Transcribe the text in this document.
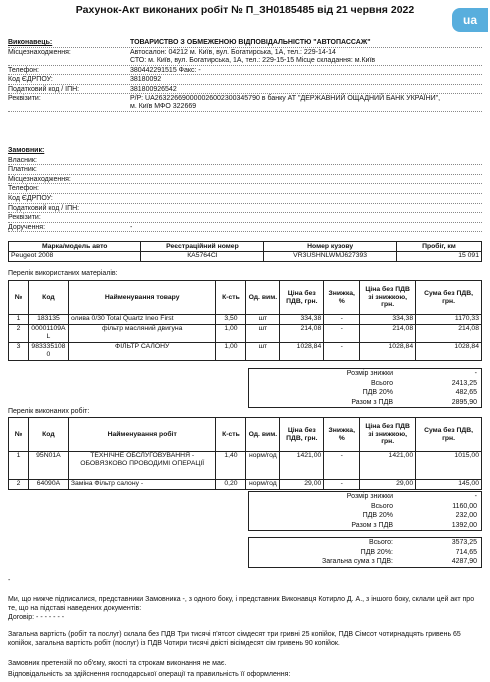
Рахунок-Акт виконаних робіт № П_ЗН0185485 від 21 червня 2022
ua
Виконавець:	ТОВАРИСТВО З ОБМЕЖЕНОЮ ВІДПОВІДАЛЬНІСТЮ "АВТОПАССАЖ"
Місцезнаходження:	Автосалон: 04212 м. Київ, вул. Богатирська, 1А, тел.: 229-14-14
СТО: м. Київ, вул. Богатирська, 1А, тел.: 229-15-15 Місце складання: м.Київ
Телефон:	380442291515 Факс: -
Код ЄДРПОУ:	38180092
Податковий код / ІПН:	381800926542
Реквізити:	Р/Р: UA263226690000026002300345790 в банку АТ "ДЕРЖАВНИЙ ОЩАДНИЙ БАНК УКРАЇНИ",
м. Київ МФО 322669
Замовник:
Власник:
Платник:
Місцезнаходження:
Телефон:
Код ЄДРПОУ:
Податковий код / ІПН:
Реквізити:
Доручення:	-
Марка/модель авто	Реєстраційний номер	Номер кузову	Пробіг, км
Peugeot 2008	КА5764СІ	VR3USHNLWMJ627393	15 091
Перелік використаних матеріалів:
№	Код	Найменування товару	К-сть	Од. вим.	Ціна без ПДВ, грн.	Знижка, %	Ціна без ПДВ зі знижкою, грн.	Сума без ПДВ, грн.
1	183135	олива 0/30 Total Quartz Ineo First	3,50	шт	334,38	-	334,38	1170,33
2	00001109A L	фільтр масляний двигуна	1,00	шт	214,08	-	214,08	214,08
3	983335108 0	ФІЛЬТР САЛОНУ	1,00	шт	1028,84	-	1028,84	1028,84
Розмір знижки	-
Всього	2413,25
ПДВ 20%	482,65
Разом з ПДВ	2895,90
Перелік виконаних робіт:
№	Код	Найменування робіт	К-сть	Од. вим.	Ціна без ПДВ, грн.	Знижка, %	Ціна без ПДВ зі знижкою, грн.	Сума без ПДВ, грн.
1	95N01A	ТЕХНІЧНЕ ОБСЛУГОВУВАННЯ - ОБОВЯЗКОВО ПРОВОДИМІ ОПЕРАЦІЇ	1,40	норм/год	1421,00	-	1421,00	1015,00
2	64090A	Заміна Фільтр салону -	0,20	норм/год	29,00	-	29,00	145,00
Розмір знижки	-
Всього	1160,00
ПДВ 20%	232,00
Разом з ПДВ	1392,00
Всього:	3573,25
ПДВ 20%:	714,65
Загальна сума з ПДВ:	4287,90
-
Ми, що нижче підписалися, представники Замовника -, з одного боку, і представник Виконавця Котирло Д. А., з іншого боку, склали цей акт про те, що на підставі наведених документів:
Договір: - - - - - - -
Загальна вартість (робіт та послуг) склала без ПДВ Три тисячі п'ятсот сімдесят три гривні 25 копійок, ПДВ Сімсот чотирнадцять гривень 65 копійок, загальна вартість робіт (послуг) із ПДВ Чотири тисячі двісті вісімдесят сім гривень 90 копійок.
Замовник претензій по об'єму, якості та строкам виконання не має.
Відповідальність за здійснення господарської операції та правильність її оформлення:
